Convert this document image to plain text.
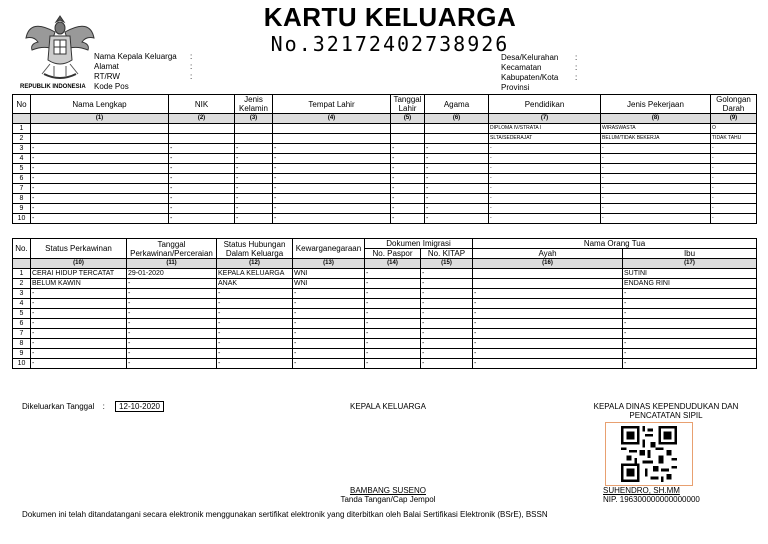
REPUBLIK INDONESIA
KARTU KELUARGA
No.3217240273892​6
Nama Kepala Keluarga	:
Alamat	:
RT/RW	:
Kode Pos
Desa/Kelurahan	:
Kecamatan	:
Kabupaten/Kota	:
Provinsi
No	Nama Lengkap	NIK	Jenis Kelamin	Tempat Lahir	Tanggal Lahir	Agama	Pendidikan	Jenis Pekerjaan	Golongan Darah
	(1)	(2)	(3)	(4)	(5)	(6)	(7)	(8)	(9)
1							DIPLOMA IV/STRATA I	WIRASWASTA	O
2							SLTA/SEDERAJAT	BELUM/TIDAK BEKERJA	TIDAK TAHU
3	-	-	-	-	-	-	-	-	-
4	-	-	-	-	-	-	-	-	-
5	-	-	-	-	-	-	-	-	-
6	-	-	-	-	-	-	-	-	-
7	-	-	-	-	-	-	-	-	-
8	-	-	-	-	-	-	-	-	-
9	-	-	-	-	-	-	-	-	-
10	-	-	-	-	-	-	-	-	-
No.	Status Perkawinan	Tanggal Perkawinan/Perceraian	Status Hubungan Dalam Keluarga	Kewarganegaraan	Dokumen Imigrasi		Nama Orang Tua	
					No. Paspor	No. KITAP	Ayah	Ibu
	(10)	(11)	(12)	(13)	(14)	(15)	(16)	(17)
1	CERAI HIDUP TERCATAT	29-01-2020	KEPALA KELUARGA	WNI	-	-		SUTINI
2	BELUM KAWIN	-	ANAK	WNI	-	-		ENDANG RINI
3	-	-	-	-	-	-	-	-
4	-	-	-	-	-	-	-	-
5	-	-	-	-	-	-	-	-
6	-	-	-	-	-	-	-	-
7	-	-	-	-	-	-	-	-
8	-	-	-	-	-	-	-	-
9	-	-	-	-	-	-	-	-
10	-	-	-	-	-	-	-	-
Dikeluarkan Tanggal : 12-10-2020	KEPALA KELUARGA
BAMBANG SUSENO
Tanda Tangan/Cap Jempol
KEPALA DINAS KEPENDUDUKAN DAN PENCATATAN SIPIL
SUHENDRO, SH.MM
NIP. 196300000000000000
Dokumen ini telah ditandatangani secara elektronik menggunakan sertifikat elektronik yang diterbitkan oleh Balai Sertifikasi Elektronik (BSrE), BSSN
